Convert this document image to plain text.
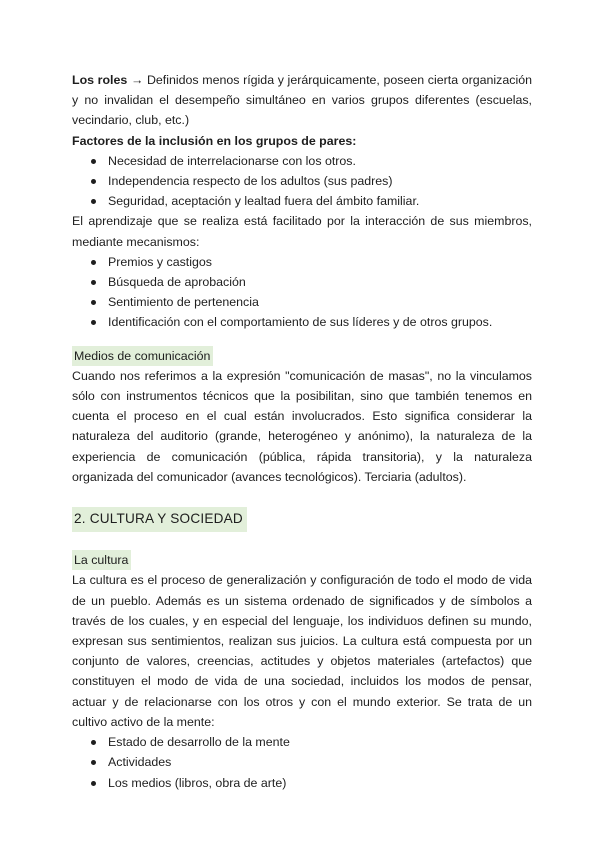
Los roles → Definidos menos rígida y jerárquicamente, poseen cierta organización y no invalidan el desempeño simultáneo en varios grupos diferentes (escuelas, vecindario, club, etc.)

Factores de la inclusión en los grupos de pares:

Necesidad de interrelacionarse con los otros.
Independencia respecto de los adultos (sus padres)
Seguridad, aceptación y lealtad fuera del ámbito familiar.

El aprendizaje que se realiza está facilitado por la interacción de sus miembros, mediante mecanismos:

Premios y castigos
Búsqueda de aprobación
Sentimiento de pertenencia
Identificación con el comportamiento de sus líderes y de otros grupos.

Medios de comunicación

Cuando nos referimos a la expresión "comunicación de masas", no la vinculamos sólo con instrumentos técnicos que la posibilitan, sino que también tenemos en cuenta el proceso en el cual están involucrados. Esto significa considerar la naturaleza del auditorio (grande, heterogéneo y anónimo), la naturaleza de la experiencia de comunicación (pública, rápida transitoria), y la naturaleza organizada del comunicador (avances tecnológicos). Terciaria (adultos).

2. CULTURA Y SOCIEDAD

La cultura

La cultura es el proceso de generalización y configuración de todo el modo de vida de un pueblo. Además es un sistema ordenado de significados y de símbolos a través de los cuales, y en especial del lenguaje, los individuos definen su mundo, expresan sus sentimientos, realizan sus juicios. La cultura está compuesta por un conjunto de valores, creencias, actitudes y objetos materiales (artefactos) que constituyen el modo de vida de una sociedad, incluidos los modos de pensar, actuar y de relacionarse con los otros y con el mundo exterior. Se trata de un cultivo activo de la mente:

Estado de desarrollo de la mente
Actividades
Los medios (libros, obra de arte)
